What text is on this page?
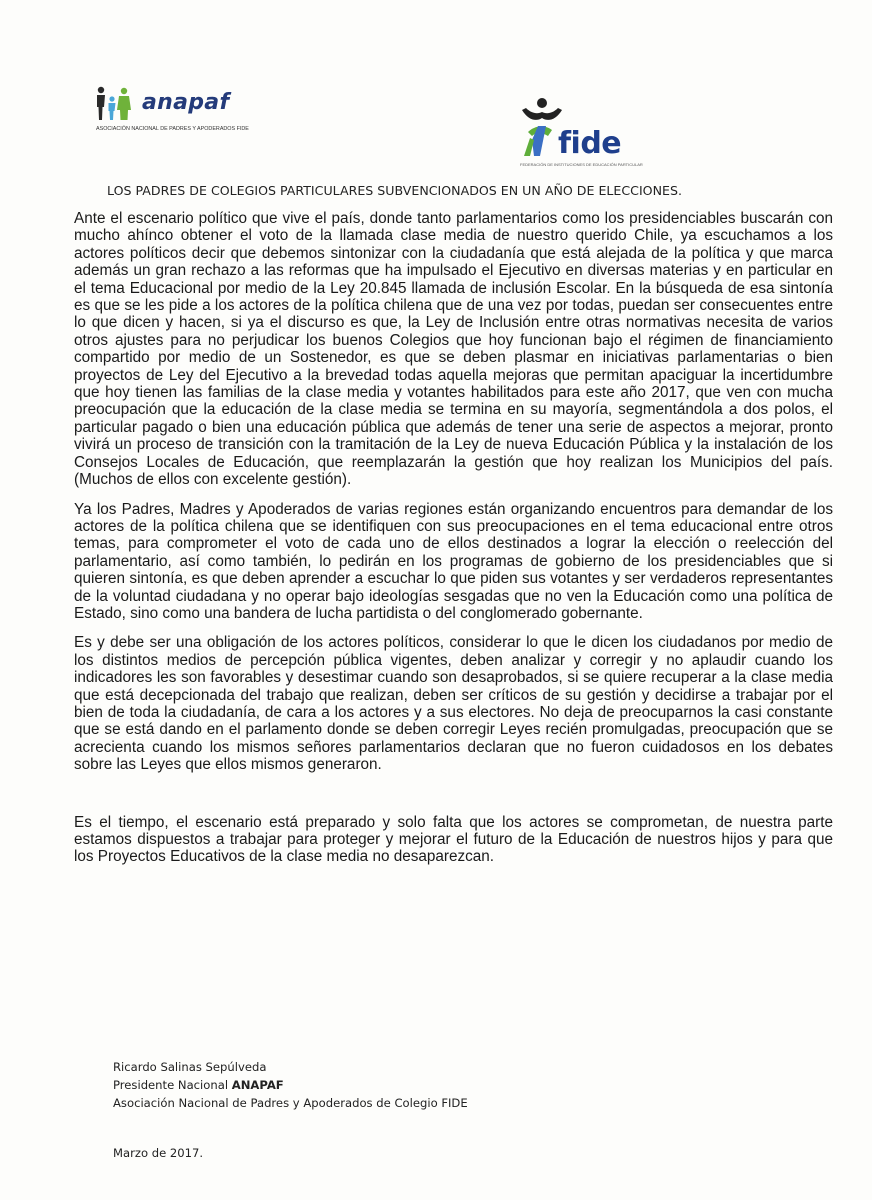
anapaf
ASOCIACIÓN NACIONAL DE PADRES Y APODERADOS FIDE	fide
FEDERACIÓN DE INSTITUCIONES DE EDUCACIÓN PARTICULAR
LOS PADRES DE COLEGIOS PARTICULARES SUBVENCIONADOS EN UN AÑO DE ELECCIONES.

Ante el escenario político que vive el país, donde tanto parlamentarios como los presidenciables buscarán con mucho ahínco obtener el voto de la llamada clase media de nuestro querido Chile, ya escuchamos a los actores políticos decir que debemos sintonizar con la ciudadanía que está alejada de la política y que marca además un gran rechazo a las reformas que ha impulsado el Ejecutivo en diversas materias y en particular en el tema Educacional por medio de la Ley 20.845 llamada de inclusión Escolar. En la búsqueda de esa sintonía es que se les pide a los actores de la política chilena que de una vez por todas, puedan ser consecuentes entre lo que dicen y hacen, si ya el discurso es que, la Ley de Inclusión entre otras normativas necesita de varios otros ajustes para no perjudicar los buenos Colegios que hoy funcionan bajo el régimen de financiamiento compartido por medio de un Sostenedor, es que se deben plasmar en iniciativas parlamentarias o bien proyectos de Ley del Ejecutivo a la brevedad todas aquella mejoras que permitan apaciguar la incertidumbre que hoy tienen las familias de la clase media y votantes habilitados para este año 2017, que ven con mucha preocupación que la educación de la clase media se termina en su mayoría, segmentándola a dos polos, el particular pagado o bien una educación pública que además de tener una serie de aspectos a mejorar, pronto vivirá un proceso de transición con la tramitación de la Ley de nueva Educación Pública y la instalación de los Consejos Locales de Educación, que reemplazarán la gestión que hoy realizan los Municipios del país. (Muchos de ellos con excelente gestión).

Ya los Padres, Madres y Apoderados de varias regiones están organizando encuentros para demandar de los actores de la política chilena que se identifiquen con sus preocupaciones en el tema educacional entre otros temas, para comprometer el voto de cada uno de ellos destinados a lograr la elección o reelección del parlamentario, así como también, lo pedirán en los programas de gobierno de los presidenciables que si quieren sintonía, es que deben aprender a escuchar lo que piden sus votantes y ser verdaderos representantes de la voluntad ciudadana y no operar bajo ideologías sesgadas que no ven la Educación como una política de Estado, sino como una bandera de lucha partidista o del conglomerado gobernante.

Es y debe ser una obligación de los actores políticos, considerar lo que le dicen los ciudadanos por medio de los distintos medios de percepción pública vigentes, deben analizar y corregir y no aplaudir cuando los indicadores les son favorables y desestimar cuando son desaprobados, si se quiere recuperar a la clase media que está decepcionada del trabajo que realizan, deben ser críticos de su gestión y decidirse a trabajar por el bien de toda la ciudadanía, de cara a los actores y a sus electores. No deja de preocuparnos la casi constante que se está dando en el parlamento donde se deben corregir Leyes recién promulgadas, preocupación que se acrecienta cuando los mismos señores parlamentarios declaran que no fueron cuidadosos en los debates sobre las Leyes que ellos mismos generaron.

Es el tiempo, el escenario está preparado y solo falta que los actores se comprometan, de nuestra parte estamos dispuestos a trabajar para proteger y mejorar el futuro de la Educación de nuestros hijos y para que los Proyectos Educativos de la clase media no desaparezcan.

Ricardo Salinas Sepúlveda
Presidente Nacional ANAPAF
Asociación Nacional de Padres y Apoderados de Colegio FIDE
Marzo de 2017.
